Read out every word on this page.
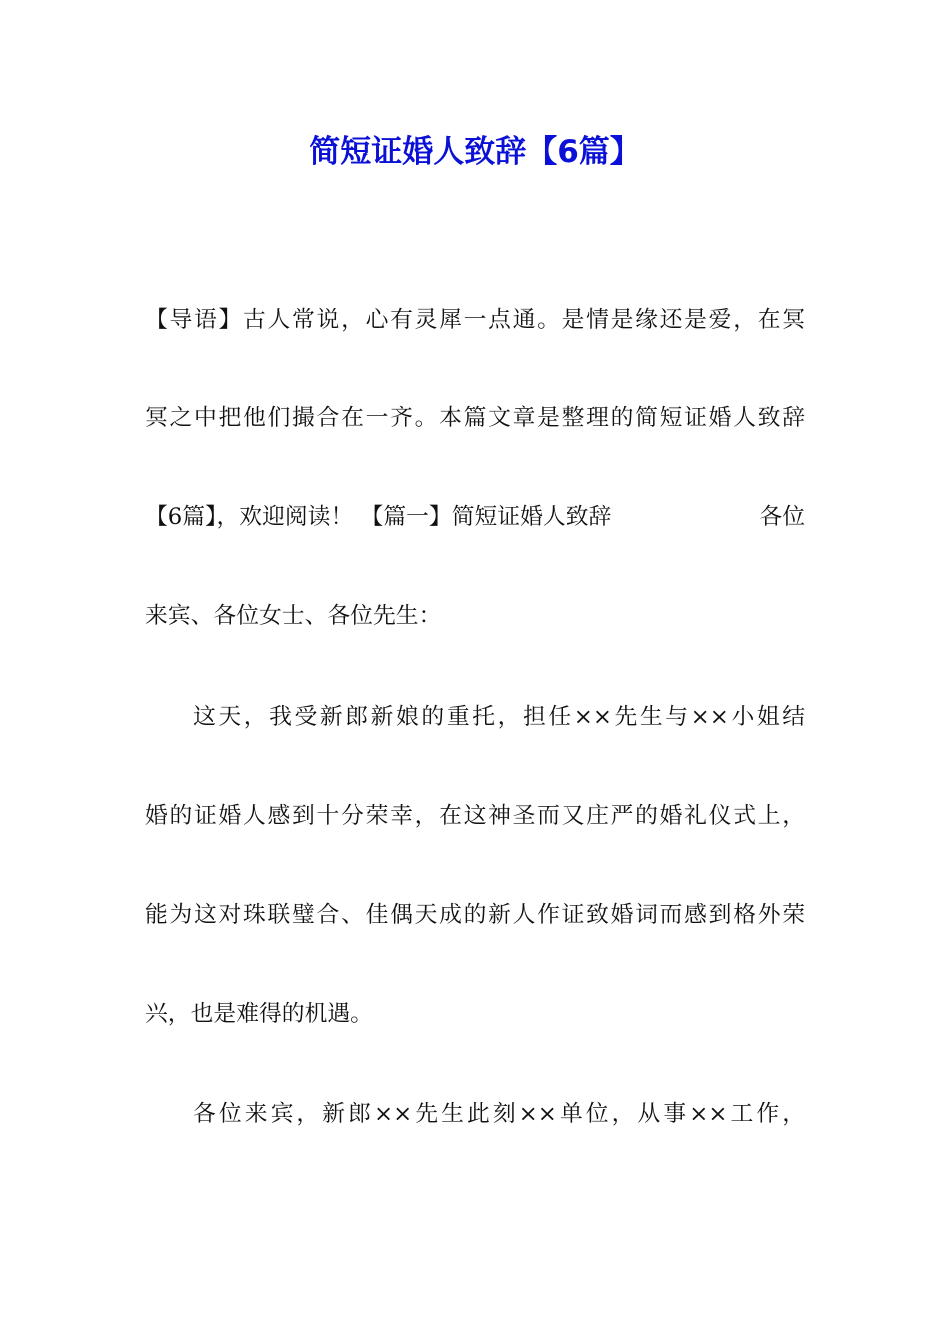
简短证婚人致辞【6篇】

【导语】古人常说，心有灵犀一点通。是情是缘还是爱，在冥

冥之中把他们撮合在一齐。本篇文章是整理的简短证婚人致辞

【6篇】，欢迎阅读！ 【篇一】简短证婚人致辞	各位

来宾、各位女士、各位先生：

这天，我受新郎新娘的重托，担任××先生与××小姐结

婚的证婚人感到十分荣幸，在这神圣而又庄严的婚礼仪式上，

能为这对珠联璧合、佳偶天成的新人作证致婚词而感到格外荣

兴，也是难得的机遇。

各位来宾，新郎××先生此刻××单位，从事××工作，
